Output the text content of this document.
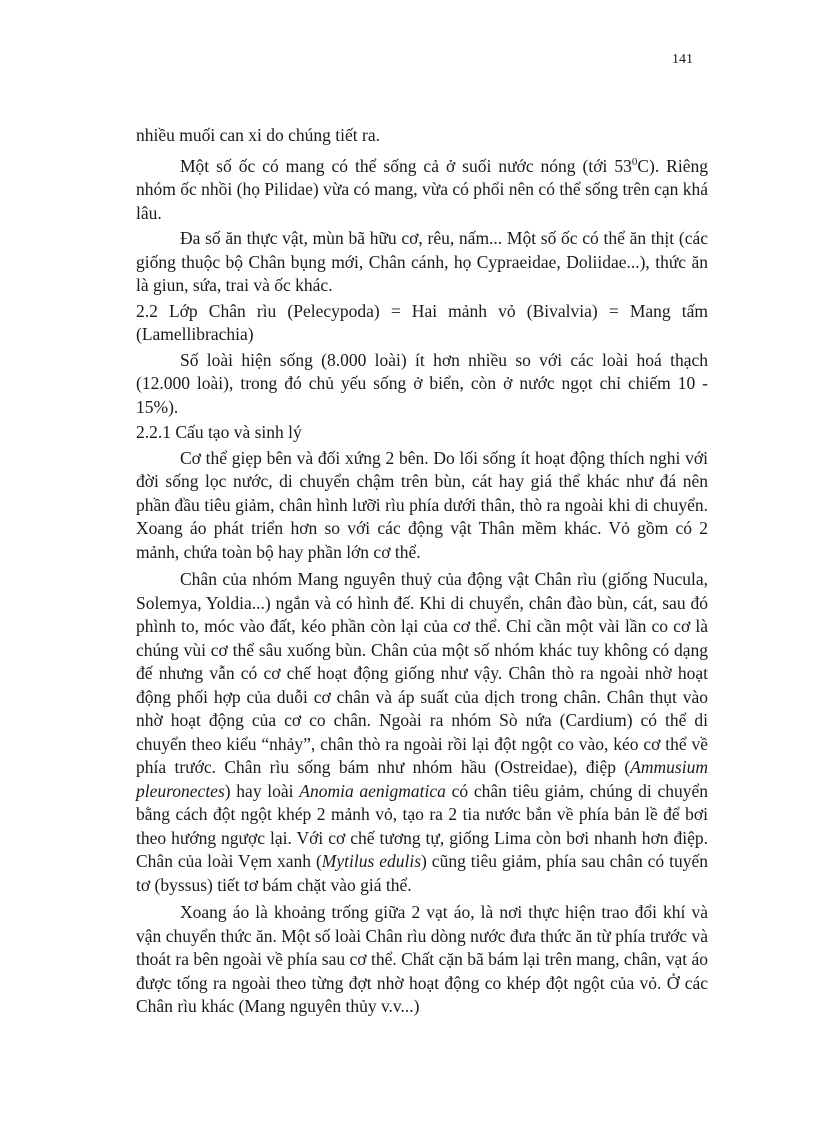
141

nhiều muối can xi do chúng tiết ra.

Một số ốc có mang có thể sống cả ở suối nước nóng (tới $53^0C$). Riêng nhóm ốc nhồi (họ Pilidae) vừa có mang, vừa có phổi nên có thể sống trên cạn khá lâu.

Đa số ăn thực vật, mùn bã hữu cơ, rêu, nấm... Một số ốc có thể ăn thịt (các giống thuộc bộ Chân bụng mới, Chân cánh, họ Cypraeidae, Doliidae...), thức ăn là giun, sứa, trai và ốc khác.

2.2 Lớp Chân rìu (Pelecypoda) = Hai mảnh vỏ (Bivalvia) = Mang tấm (Lamellibrachia)

Số loài hiện sống (8.000 loài) ít hơn nhiều so với các loài hoá thạch (12.000 loài), trong đó chủ yếu sống ở biển, còn ở nước ngọt chỉ chiếm 10 - 15%).

2.2.1 Cấu tạo và sinh lý

Cơ thể giẹp bên và đối xứng 2 bên. Do lối sống ít hoạt động thích nghi với đời sống lọc nước, di chuyển chậm trên bùn, cát hay giá thể khác như đá nên phần đầu tiêu giảm, chân hình lưỡi rìu phía dưới thân, thò ra ngoài khi di chuyển. Xoang áo phát triển hơn so với các động vật Thân mềm khác. Vỏ gồm có 2 mảnh, chứa toàn bộ hay phần lớn cơ thể.

Chân của nhóm Mang nguyên thuỷ của động vật Chân rìu (giống Nucula, Solemya, Yoldia...) ngắn và có hình đế. Khi di chuyển, chân đào bùn, cát, sau đó phình to, móc vào đất, kéo phần còn lại của cơ thể. Chỉ cần một vài lần co cơ là chúng vùi cơ thể sâu xuống bùn. Chân của một số nhóm khác tuy không có dạng đế nhưng vẫn có cơ chế hoạt động giống như vậy. Chân thò ra ngoài nhờ hoạt động phối hợp của duỗi cơ chân và áp suất của dịch trong chân. Chân thụt vào nhờ hoạt động của cơ co chân. Ngoài ra nhóm Sò nứa (Cardium) có thể di chuyển theo kiểu “nhảy”, chân thò ra ngoài rồi lại đột ngột co vào, kéo cơ thể về phía trước. Chân rìu sống bám như nhóm hầu (Ostreidae), điệp (Ammusium pleuronectes) hay loài Anomia aenigmatica có chân tiêu giảm, chúng di chuyển bằng cách đột ngột khép 2 mảnh vỏ, tạo ra 2 tia nước bắn về phía bản lề để bơi theo hướng ngược lại. Với cơ chế tương tự, giống Lima còn bơi nhanh hơn điệp. Chân của loài Vẹm xanh (Mytilus edulis) cũng tiêu giảm, phía sau chân có tuyến tơ (byssus) tiết tơ bám chặt vào giá thể.

Xoang áo là khoảng trống giữa 2 vạt áo, là nơi thực hiện trao đổi khí và vận chuyển thức ăn. Một số loài Chân rìu dòng nước đưa thức ăn từ phía trước và thoát ra bên ngoài về phía sau cơ thể. Chất cặn bã bám lại trên mang, chân, vạt áo được tống ra ngoài theo từng đợt nhờ hoạt động co khép đột ngột của vỏ. Ở các Chân rìu khác (Mang nguyên thủy v.v...)
